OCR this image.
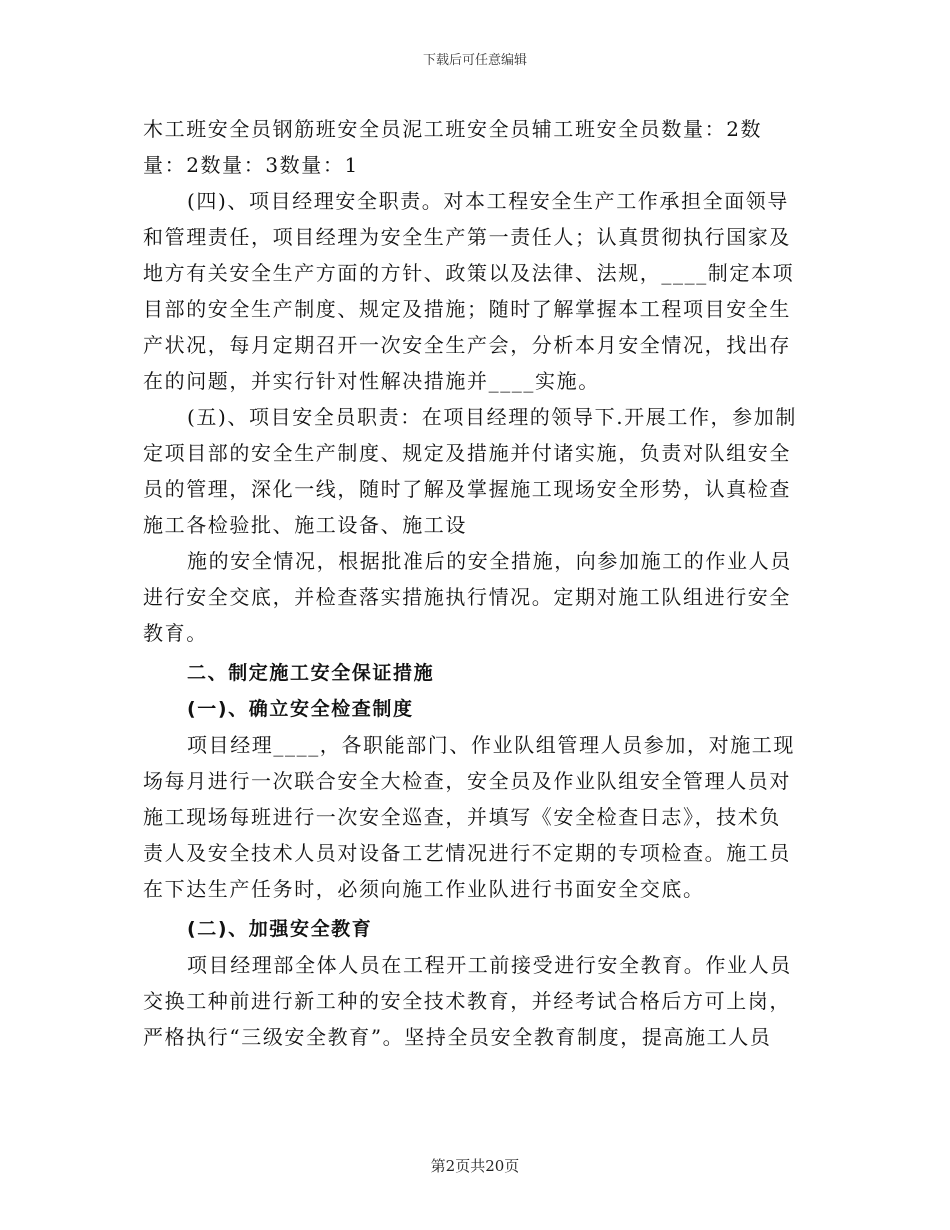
下载后可任意编辑
木工班安全员钢筋班安全员泥工班安全员辅工班安全员数量：2数
量：2数量：3数量：1
(四)、项目经理安全职责。对本工程安全生产工作承担全面领导
和管理责任，项目经理为安全生产第一责任人；认真贯彻执行国家及
地方有关安全生产方面的方针、政策以及法律、法规，____制定本项
目部的安全生产制度、规定及措施；随时了解掌握本工程项目安全生
产状况，每月定期召开一次安全生产会，分析本月安全情况，找出存
在的问题，并实行针对性解决措施并____实施。
(五)、项目安全员职责：在项目经理的领导下.开展工作，参加制
定项目部的安全生产制度、规定及措施并付诸实施，负责对队组安全
员的管理，深化一线，随时了解及掌握施工现场安全形势，认真检查
施工各检验批、施工设备、施工设
施的安全情况，根据批准后的安全措施，向参加施工的作业人员
进行安全交底，并检查落实措施执行情况。定期对施工队组进行安全
教育。
二、制定施工安全保证措施
(一)、确立安全检查制度
项目经理____，各职能部门、作业队组管理人员参加，对施工现
场每月进行一次联合安全大检查，安全员及作业队组安全管理人员对
施工现场每班进行一次安全巡查，并填写《安全检查日志》，技术负
责人及安全技术人员对设备工艺情况进行不定期的专项检查。施工员
在下达生产任务时，必须向施工作业队进行书面安全交底。
(二)、加强安全教育
项目经理部全体人员在工程开工前接受进行安全教育。作业人员
交换工种前进行新工种的安全技术教育，并经考试合格后方可上岗，
严格执行“三级安全教育”。坚持全员安全教育制度，提高施工人员
第2页共20页
